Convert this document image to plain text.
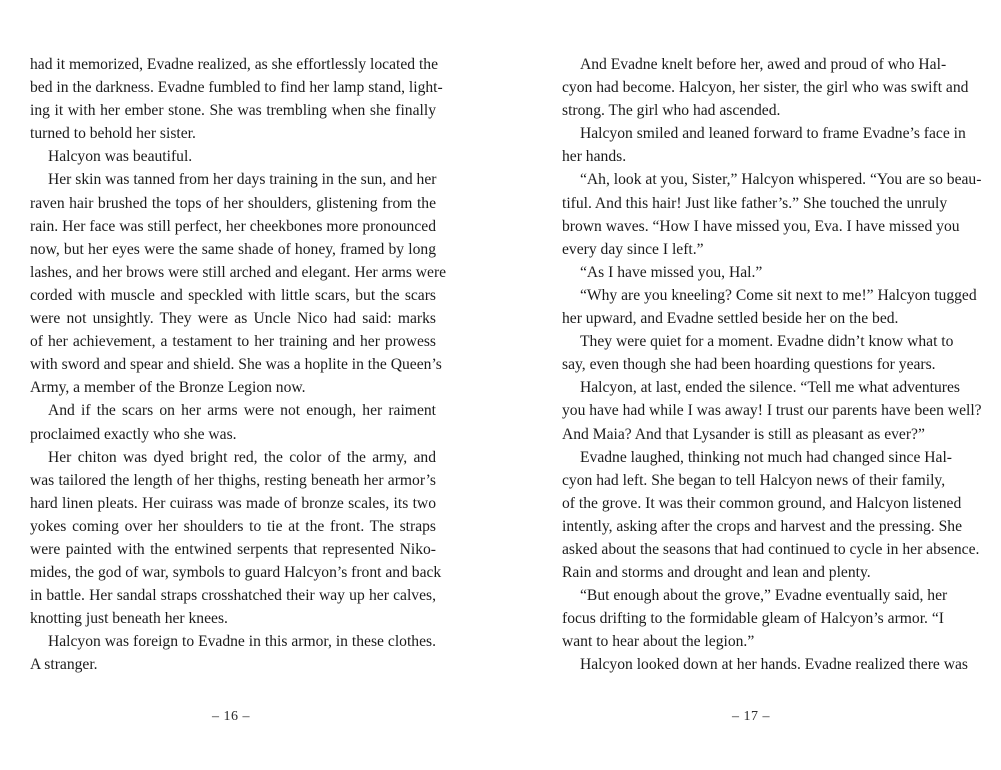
had it memorized, Evadne realized, as she effortlessly located the
bed in the darkness. Evadne fumbled to find her lamp stand, light-
ing it with her ember stone. She was trembling when she finally
turned to behold her sister.
Halcyon was beautiful.
Her skin was tanned from her days training in the sun, and her
raven hair brushed the tops of her shoulders, glistening from the
rain. Her face was still perfect, her cheekbones more pronounced
now, but her eyes were the same shade of honey, framed by long
lashes, and her brows were still arched and elegant. Her arms were
corded with muscle and speckled with little scars, but the scars
were not unsightly. They were as Uncle Nico had said: marks
of her achievement, a testament to her training and her prowess
with sword and spear and shield. She was a hoplite in the Queen’s
Army, a member of the Bronze Legion now.
And if the scars on her arms were not enough, her raiment
proclaimed exactly who she was.
Her chiton was dyed bright red, the color of the army, and
was tailored the length of her thighs, resting beneath her armor’s
hard linen pleats. Her cuirass was made of bronze scales, its two
yokes coming over her shoulders to tie at the front. The straps
were painted with the entwined serpents that represented Niko-
mides, the god of war, symbols to guard Halcyon’s front and back
in battle. Her sandal straps crosshatched their way up her calves,
knotting just beneath her knees.
Halcyon was foreign to Evadne in this armor, in these clothes.
A stranger.
And Evadne knelt before her, awed and proud of who Hal-
cyon had become. Halcyon, her sister, the girl who was swift and
strong. The girl who had ascended.
Halcyon smiled and leaned forward to frame Evadne’s face in
her hands.
“Ah, look at you, Sister,” Halcyon whispered. “You are so beau-
tiful. And this hair! Just like father’s.” She touched the unruly
brown waves. “How I have missed you, Eva. I have missed you
every day since I left.”
“As I have missed you, Hal.”
“Why are you kneeling? Come sit next to me!” Halcyon tugged
her upward, and Evadne settled beside her on the bed.
They were quiet for a moment. Evadne didn’t know what to
say, even though she had been hoarding questions for years.
Halcyon, at last, ended the silence. “Tell me what adventures
you have had while I was away! I trust our parents have been well?
And Maia? And that Lysander is still as pleasant as ever?”
Evadne laughed, thinking not much had changed since Hal-
cyon had left. She began to tell Halcyon news of their family,
of the grove. It was their common ground, and Halcyon listened
intently, asking after the crops and harvest and the pressing. She
asked about the seasons that had continued to cycle in her absence.
Rain and storms and drought and lean and plenty.
“But enough about the grove,” Evadne eventually said, her
focus drifting to the formidable gleam of Halcyon’s armor. “I
want to hear about the legion.”
Halcyon looked down at her hands. Evadne realized there was
– 16 –	– 17 –
